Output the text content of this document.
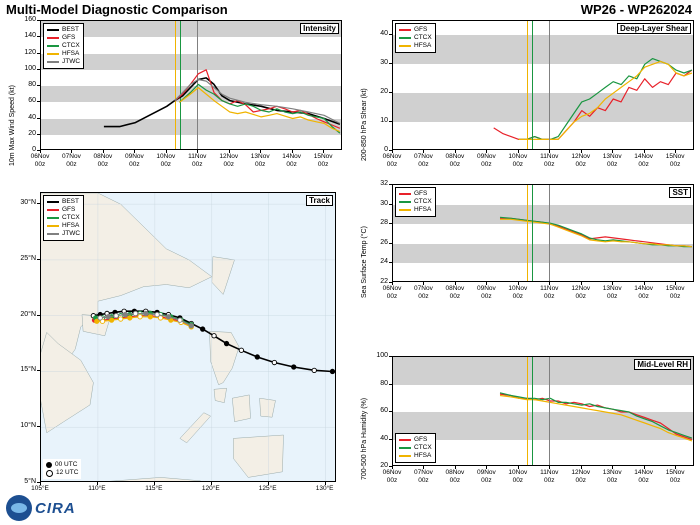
Multi-Model Diagnostic Comparison	WP26 - WP262024
10m Max Wind Speed (kt)
Intensity
BEST
GFS
CTCX
HFSA
JTWC
0
20
40
60
80
100
120
140
160
06Nov
00z
07Nov
00z
08Nov
00z
09Nov
00z
10Nov
00z
11Nov
00z
12Nov
00z
13Nov
00z
14Nov
00z
15Nov
00z
200-850 hPa Shear (kt)
Deep-Layer Shear
GFS
CTCX
HFSA
0
10
20
30
40
06Nov
00z
07Nov
00z
08Nov
00z
09Nov
00z
10Nov
00z
11Nov
00z
12Nov
00z
13Nov
00z
14Nov
00z
15Nov
00z
Sea Surface Temp (°C)
SST
GFS
CTCX
HFSA
22
24
26
28
30
32
06Nov
00z
07Nov
00z
08Nov
00z
09Nov
00z
10Nov
00z
11Nov
00z
12Nov
00z
13Nov
00z
14Nov
00z
15Nov
00z
700-500 hPa Humidity (%)
Mid-Level RH
GFS
CTCX
HFSA
20
40
60
80
100
06Nov
00z
07Nov
00z
08Nov
00z
09Nov
00z
10Nov
00z
11Nov
00z
12Nov
00z
13Nov
00z
14Nov
00z
15Nov
00z
Track
BEST
GFS
CTCX
HFSA
JTWC
00 UTC
12 UTC
5°N
10°N
15°N
20°N
25°N
30°N
105°E	110°E	115°E	120°E	125°E	130°E
CIRA
